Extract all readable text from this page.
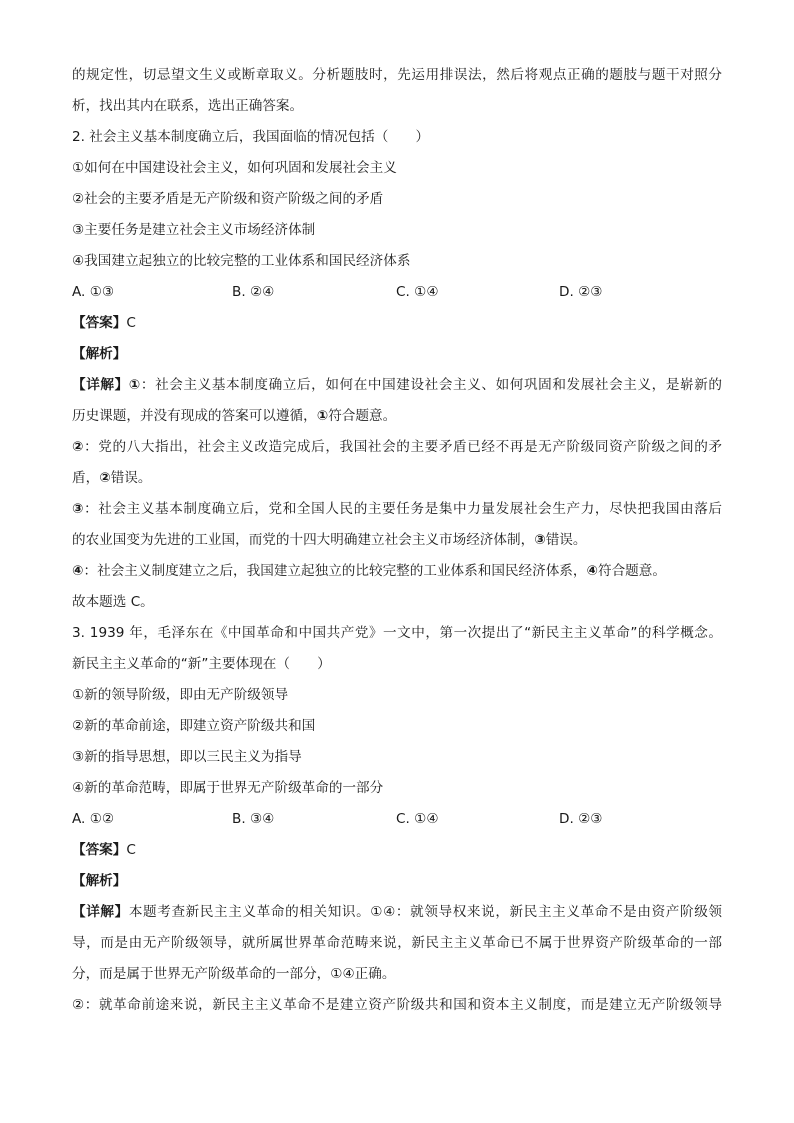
的规定性，切忌望文生义或断章取义。分析题肢时，先运用排误法，然后将观点正确的题肢与题干对照分
析，找出其内在联系，选出正确答案。
2. 社会主义基本制度确立后，我国面临的情况包括（　　）
①如何在中国建设社会主义，如何巩固和发展社会主义
②社会的主要矛盾是无产阶级和资产阶级之间的矛盾
③主要任务是建立社会主义市场经济体制
④我国建立起独立的比较完整的工业体系和国民经济体系
A. ①③	B. ②④	C. ①④	D. ②③
【答案】C
【解析】
【详解】①：社会主义基本制度确立后，如何在中国建设社会主义、如何巩固和发展社会主义，是崭新的
历史课题，并没有现成的答案可以遵循，①符合题意。
②：党的八大指出，社会主义改造完成后，我国社会的主要矛盾已经不再是无产阶级同资产阶级之间的矛
盾，②错误。
③：社会主义基本制度确立后，党和全国人民的主要任务是集中力量发展社会生产力，尽快把我国由落后
的农业国变为先进的工业国，而党的十四大明确建立社会主义市场经济体制，③错误。
④：社会主义制度建立之后，我国建立起独立的比较完整的工业体系和国民经济体系，④符合题意。
故本题选 C。
3. 1939 年，毛泽东在《中国革命和中国共产党》一文中，第一次提出了“新民主主义革命”的科学概念。
新民主主义革命的“新”主要体现在（　　）
①新的领导阶级，即由无产阶级领导
②新的革命前途，即建立资产阶级共和国
③新的指导思想，即以三民主义为指导
④新的革命范畴，即属于世界无产阶级革命的一部分
A. ①②	B. ③④	C. ①④	D. ②③
【答案】C
【解析】
【详解】本题考查新民主主义革命的相关知识。①④：就领导权来说，新民主主义革命不是由资产阶级领
导，而是由无产阶级领导，就所属世界革命范畴来说，新民主主义革命已不属于世界资产阶级革命的一部
分，而是属于世界无产阶级革命的一部分，①④正确。
②：就革命前途来说，新民主主义革命不是建立资产阶级共和国和资本主义制度，而是建立无产阶级领导
